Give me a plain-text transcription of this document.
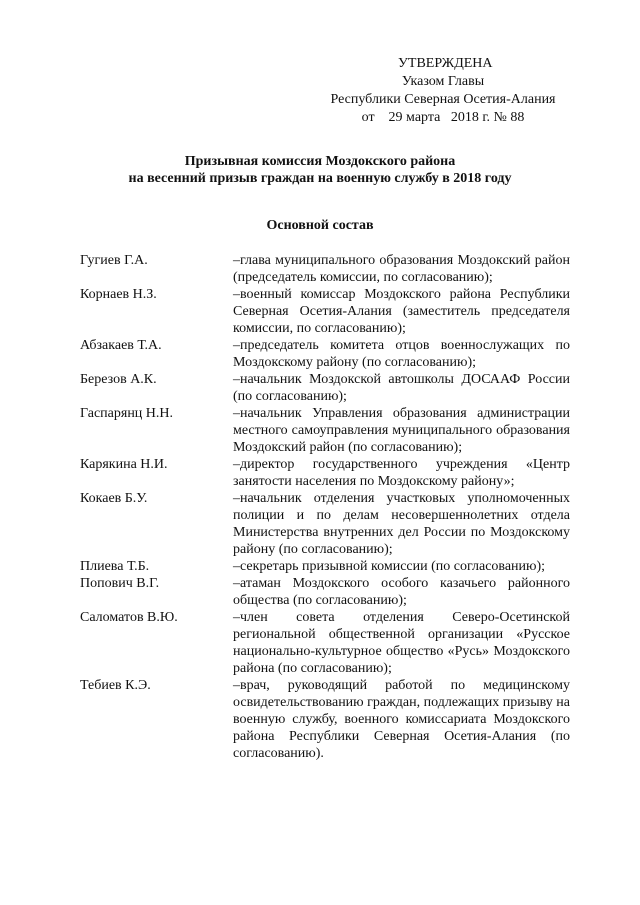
УТВЕРЖДЕНА
Указом Главы
Республики Северная Осетия-Алания
от    29 марта   2018 г. № 88
Призывная комиссия Моздокского района
на весенний призыв граждан на военную службу в 2018 году
Основной состав
Гугиев Г.А.	–глава муниципального образования Моздокский район (председатель комиссии, по согласованию);
Корнаев Н.З.	–военный комиссар Моздокского района Республики Северная Осетия-Алания (заместитель председателя комиссии, по согласованию);
Абзакаев Т.А.	–председатель комитета отцов военнослужащих по Моздокскому району (по согласованию);
Березов А.К.	–начальник Моздокской автошколы ДОСААФ России (по согласованию);
Гаспарянц Н.Н.	–начальник Управления образования администрации местного самоуправления муниципального образования Моздокский район (по согласованию);
Карякина Н.И.	–директор государственного учреждения «Центр занятости населения по Моздокскому району»;
Кокаев Б.У.	–начальник отделения участковых уполномоченных полиции и по делам несовершеннолетних отдела Министерства внутренних дел России по Моздокскому району (по согласованию);
Плиева Т.Б.	–секретарь призывной комиссии (по согласованию);
Попович В.Г.	–атаман Моздокского особого казачьего районного общества (по согласованию);
Саломатов В.Ю.	–член совета отделения Северо-Осетинской региональной общественной организации «Русское национально-культурное общество «Русь» Моздокского района (по согласованию);
Тебиев К.Э.	–врач, руководящий работой по медицинскому освидетельствованию граждан, подлежащих призыву на военную службу, военного комиссариата Моздокского района Республики Северная Осетия-Алания (по согласованию).
